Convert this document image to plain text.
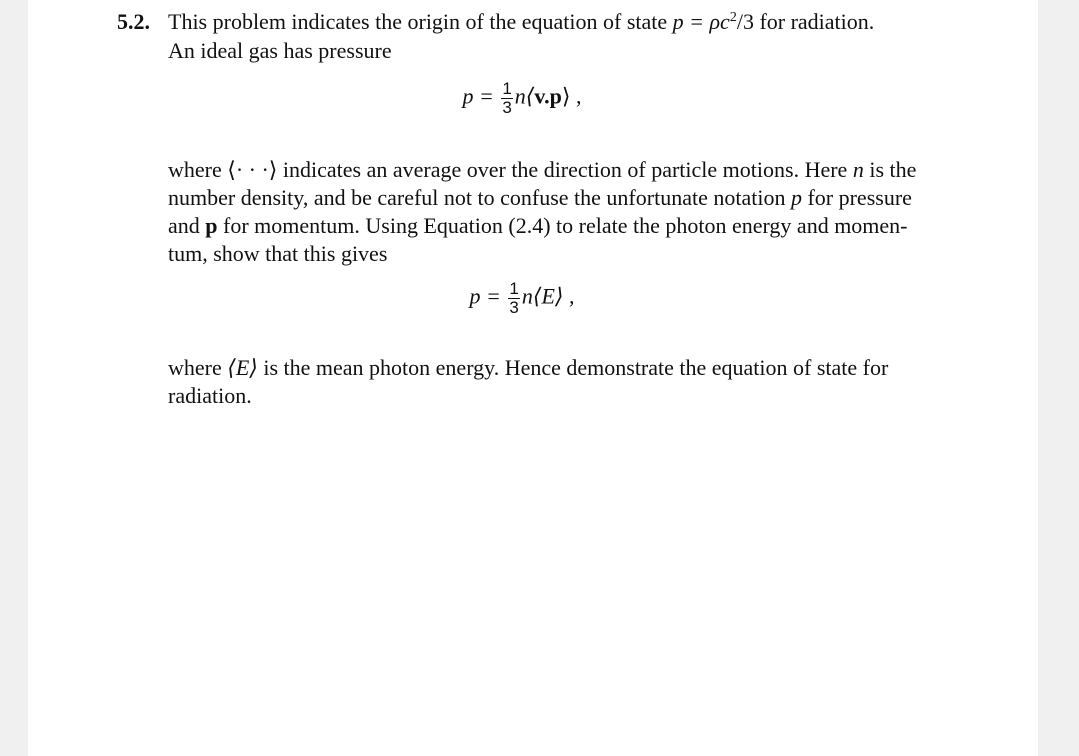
5.2. This problem indicates the origin of the equation of state $p = \rho c^2/3$ for radiation.
An ideal gas has pressure
$p = \frac{1}{3}$ n⟨v.p⟩ ,
where ⟨· · ·⟩ indicates an average over the direction of particle motions. Here n is the
number density, and be careful not to confuse the unfortunate notation p for pressure
and p for momentum. Using Equation (2.4) to relate the photon energy and momen-
tum, show that this gives
$p = \frac{1}{3}$ n⟨E⟩ ,
where ⟨E⟩ is the mean photon energy. Hence demonstrate the equation of state for
radiation.
